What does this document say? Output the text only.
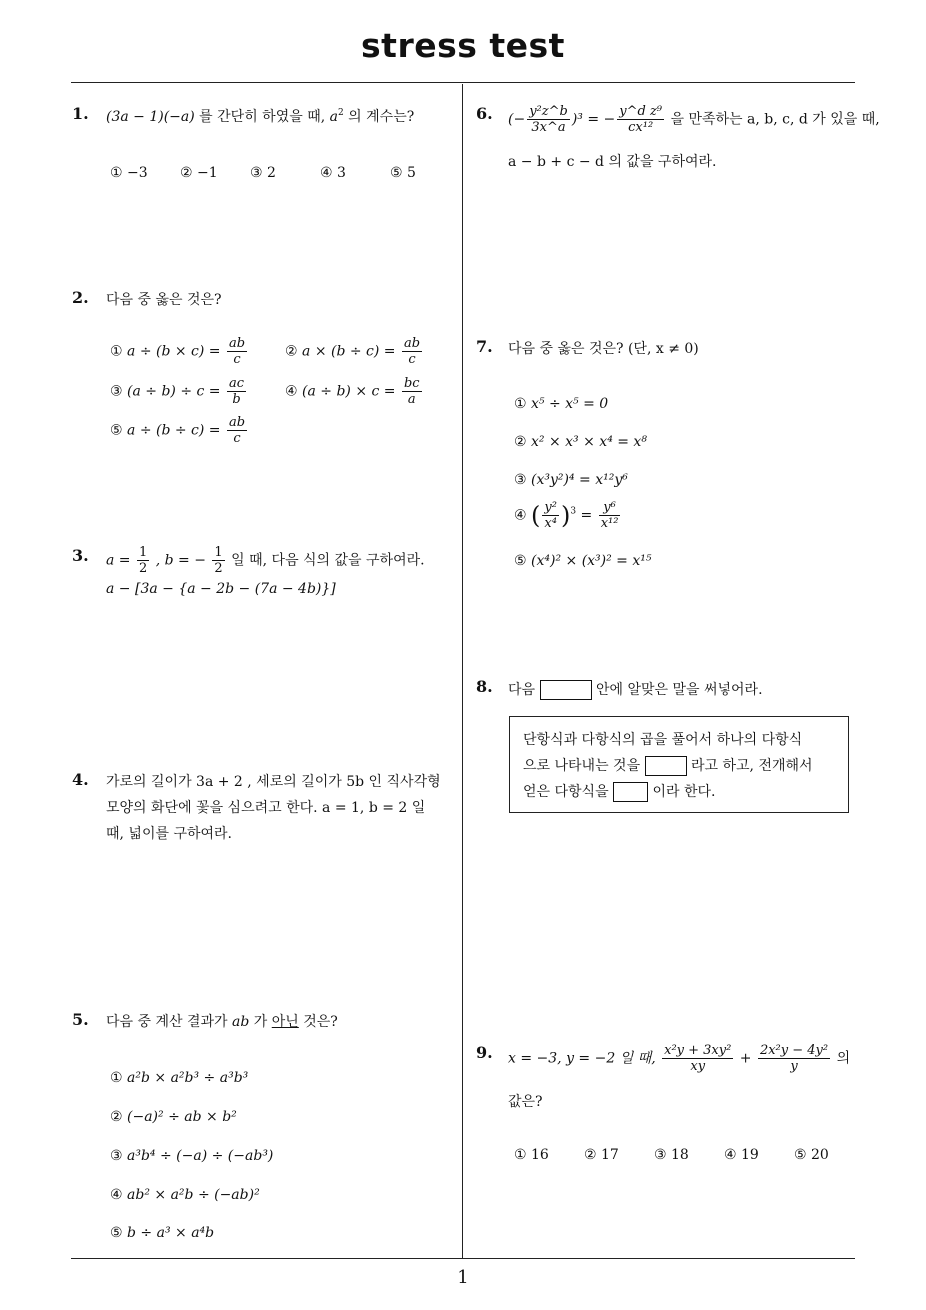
stress test
1. (3a − 1)(−a) 를 간단히 하였을 때, $a^2$ 의 계수는?
① −3 ② −1 ③ 2	④ 3	⑤ 5
2. 다음 중 옳은 것은?
① $a \div (b \times c) = \frac{ab}{c}$	② $a \times (b \div c) = \frac{ab}{c}$
③ $(a \div b) \div c = \frac{ac}{b}$	④ $(a \div b) \times c = \frac{bc}{a}$
⑤ $a \div (b \div c) = \frac{ab}{c}$
3. $a = \frac{1}{2}$ , b = − $\frac{1}{2}$ 일 때, 다음 식의 값을 구하여라.
a − [3a − {a − 2b − (7a − 4b)}]
4. 가로의 길이가 3a + 2 , 세로의 길이가 5b 인 직사각형
모양의 화단에 꽃을 심으려고 한다. a = 1, b = 2 일
때, 넓이를 구하여라.
5. 다음 중 계산 결과가 ab 가 아닌 것은?
① a²b × a²b³ ÷ a³b³
② (−a)² ÷ ab × b²
③ a³b⁴ ÷ (−a) ÷ (−ab³)
④ ab² × a²b ÷ (−ab)²
⑤ b ÷ a³ × a⁴b
6. (− $\frac{\text{y²z\textasciicircum{}b}}{3x\^{}a} )^3$ = − $\frac{\text{y\textasciicircum{}d z⁹}}{\text{cx¹²}}$ 을 만족하는 a, b, c, d 가 있을 때,
a − b + c − d 의 값을 구하여라.
7. 다음 중 옳은 것은? (단, x ≠ 0)
① x⁵ ÷ x⁵ = 0
② x² × x³ × x⁴ = x⁸
③ (x³y²)⁴ = x¹²y⁶
④ ( $\frac{\text{y²}}{\text{x⁴}} )^3 = \frac{\text{y⁶}}{\text{x¹²}}$
⑤ (x⁴)² × (x³)² = x¹⁵
8. 다음	안에 알맞은 말을 써넣어라.
단항식과 다항식의 곱을 풀어서 하나의 다항식
으로 나타내는 것을	라고 하고, 전개해서
얻은 다항식을	이라 한다.
9. x = −3, y = −2 일 때, $\frac{\text{x²y + 3xy²}}{xy} + \frac{\text{2x²y − 4y²}}{y}$ 의
값은?
① 16	② 17	③ 18	④ 19	⑤ 20
1
